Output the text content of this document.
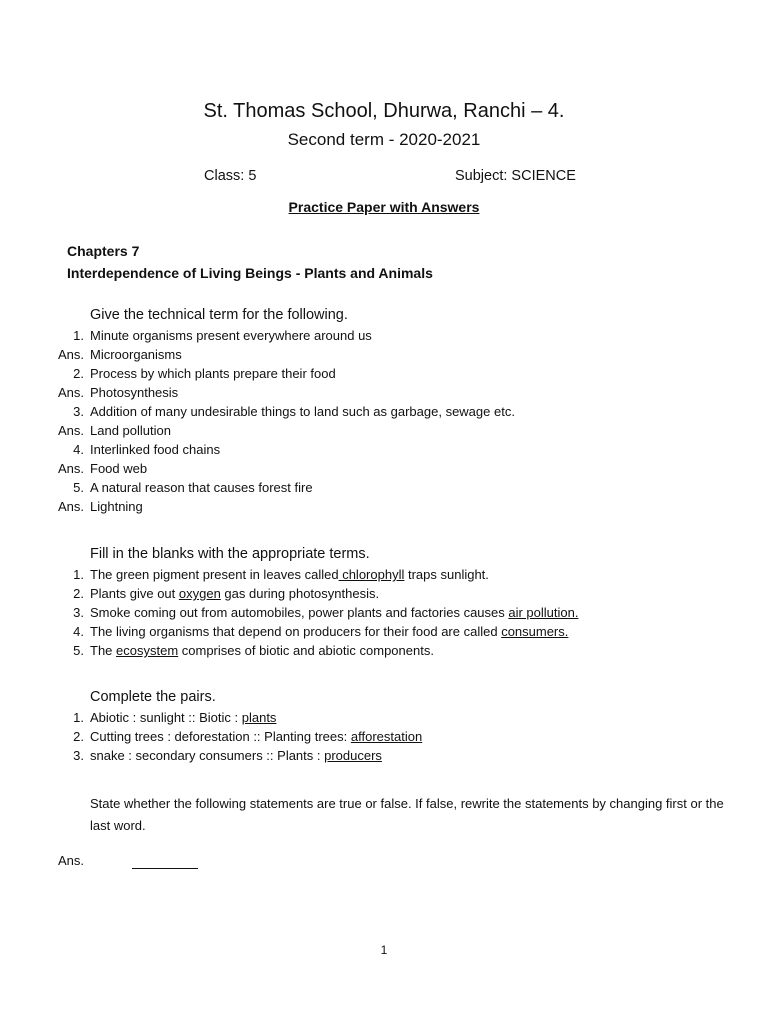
St. Thomas School, Dhurwa, Ranchi – 4.
Second term - 2020-2021
Class: 5	Subject: SCIENCE
Practice Paper with Answers
Chapters 7
Interdependence of Living Beings - Plants and Animals
Give the technical term for the following.
1. Minute organisms present everywhere around us
Ans. Microorganisms
2. Process by which plants prepare their food
Ans. Photosynthesis
3. Addition of many undesirable things to land such as garbage, sewage etc.
Ans. Land pollution
4. Interlinked food chains
Ans. Food web
5. A natural reason that causes forest fire
Ans. Lightning
Fill in the blanks with the appropriate terms.
1. The green pigment present in leaves called chlorophyll traps sunlight.
2. Plants give out oxygen gas during photosynthesis.
3. Smoke coming out from automobiles, power plants and factories causes air pollution.
4. The living organisms that depend on producers for their food are called consumers.
5. The ecosystem comprises of biotic and abiotic components.
Complete the pairs.
1. Abiotic : sunlight :: Biotic : plants
2. Cutting trees : deforestation :: Planting trees: afforestation
3. snake : secondary consumers :: Plants : producers
State whether the following statements are true or false. If false, rewrite the statements by changing first or the last word.
Ans.
1
